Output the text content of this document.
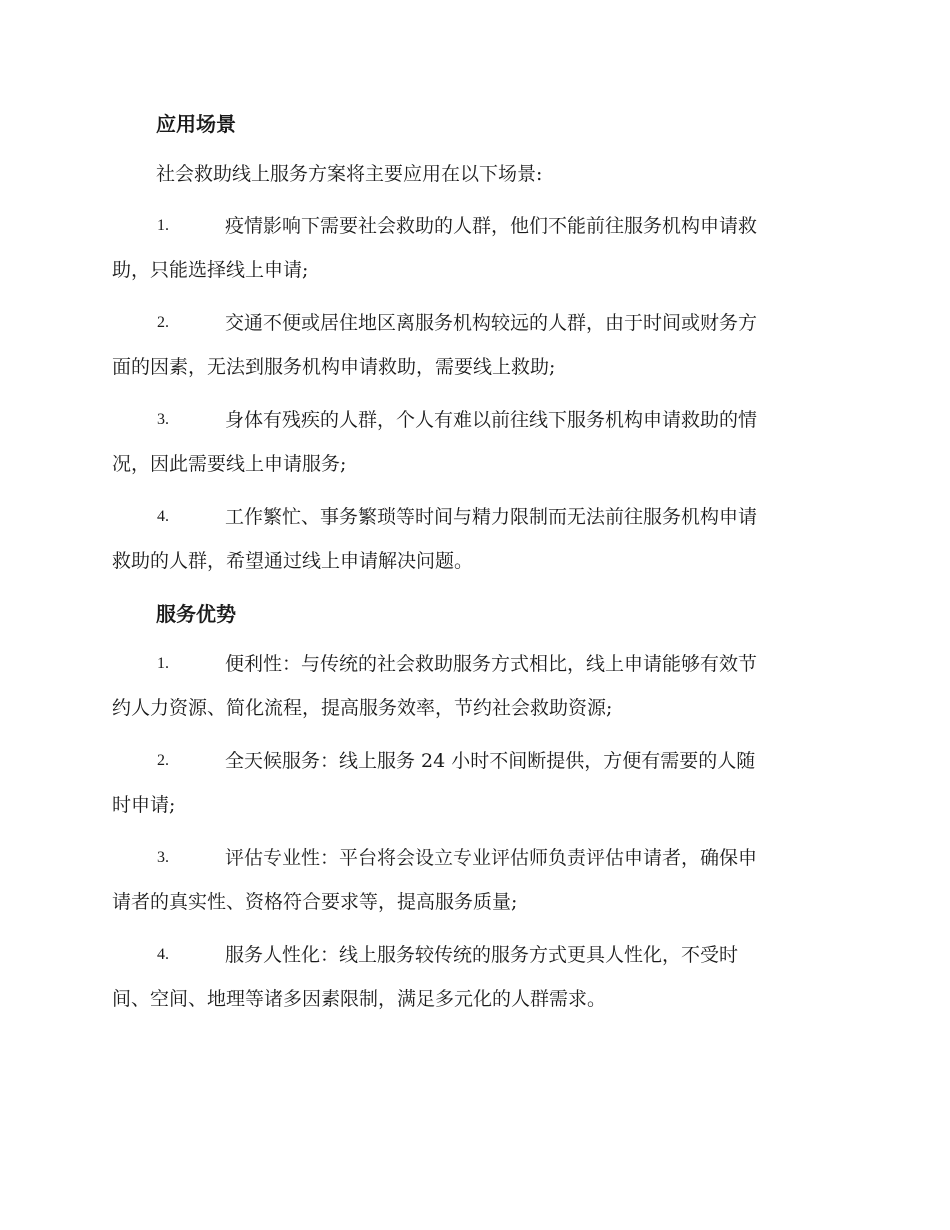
应用场景
社会救助线上服务方案将主要应用在以下场景:
1.	疫情影响下需要社会救助的人群，他们不能前往服务机构申请救
助，只能选择线上申请;
2.	交通不便或居住地区离服务机构较远的人群，由于时间或财务方
面的因素，无法到服务机构申请救助，需要线上救助;
3.	身体有残疾的人群，个人有难以前往线下服务机构申请救助的情
况，因此需要线上申请服务;
4.	工作繁忙、事务繁琐等时间与精力限制而无法前往服务机构申请
救助的人群，希望通过线上申请解决问题。
服务优势
1.	便利性：与传统的社会救助服务方式相比，线上申请能够有效节
约人力资源、简化流程，提高服务效率，节约社会救助资源;
2.	全天候服务：线上服务 24 小时不间断提供，方便有需要的人随
时申请;
3.	评估专业性：平台将会设立专业评估师负责评估申请者，确保申
请者的真实性、资格符合要求等，提高服务质量;
4.	服务人性化：线上服务较传统的服务方式更具人性化，不受时
间、空间、地理等诸多因素限制，满足多元化的人群需求。
